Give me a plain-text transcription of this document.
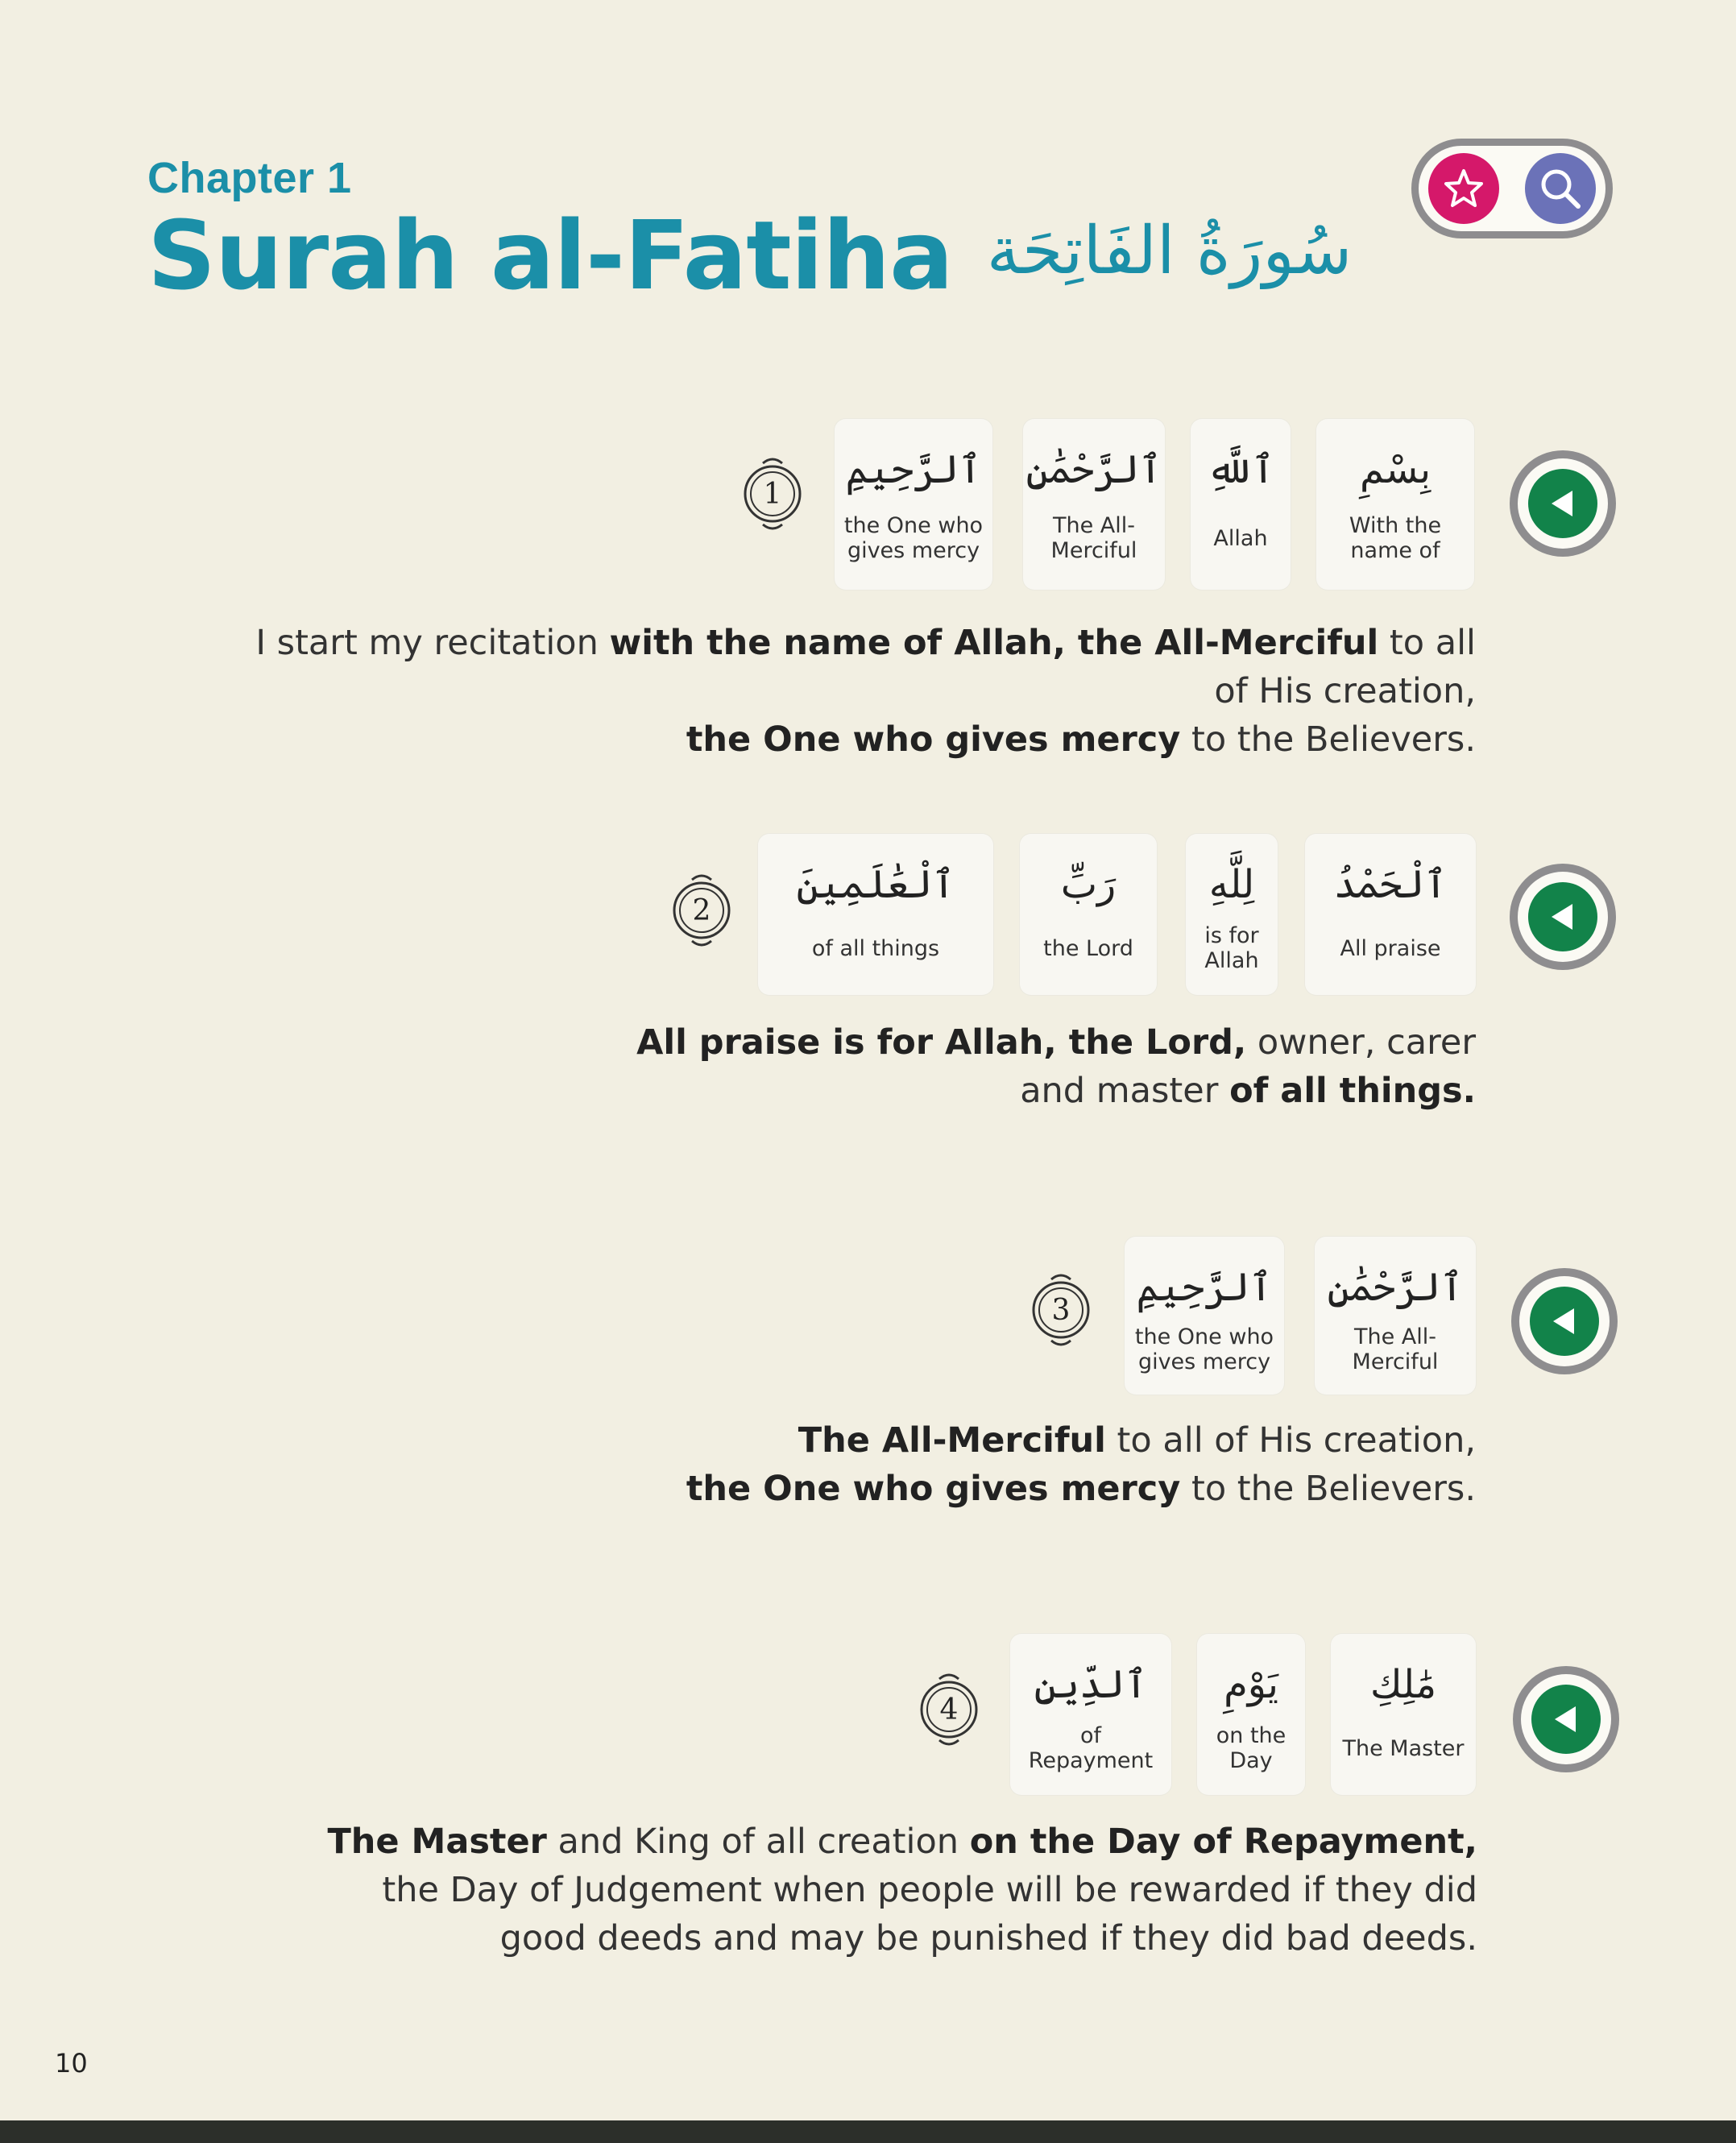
Chapter 1
Surah al-Fatiha سُورَةُ الفَاتِحَة
1
ٱلرَّحِيمِ
the One who gives mercy
ٱلرَّحْمَٰنِ
The All-Merciful
ٱللَّهِ
Allah
بِسْمِ
With the name of
I start my recitation with the name of Allah, the All-Merciful to all of His creation,
the One who gives mercy to the Believers.
2
ٱلْعَٰلَمِينَ
of all things
رَبِّ
the Lord
لِلَّهِ
is for Allah
ٱلْحَمْدُ
All praise
All praise is for Allah, the Lord, owner, carer and master of all things.
3	ٱلرَّحِيمِ
the One who gives mercy
ٱلرَّحْمَٰنِ
The All-Merciful
The All-Merciful to all of His creation,
the One who gives mercy to the Believers.
4
ٱلدِّينِ
of Repayment
يَوْمِ
on the Day
مَٰلِكِ
The Master
The Master and King of all creation on the Day of Repayment, the Day of Judgement when people will be rewarded if they did good deeds and may be punished if they did bad deeds.
10
